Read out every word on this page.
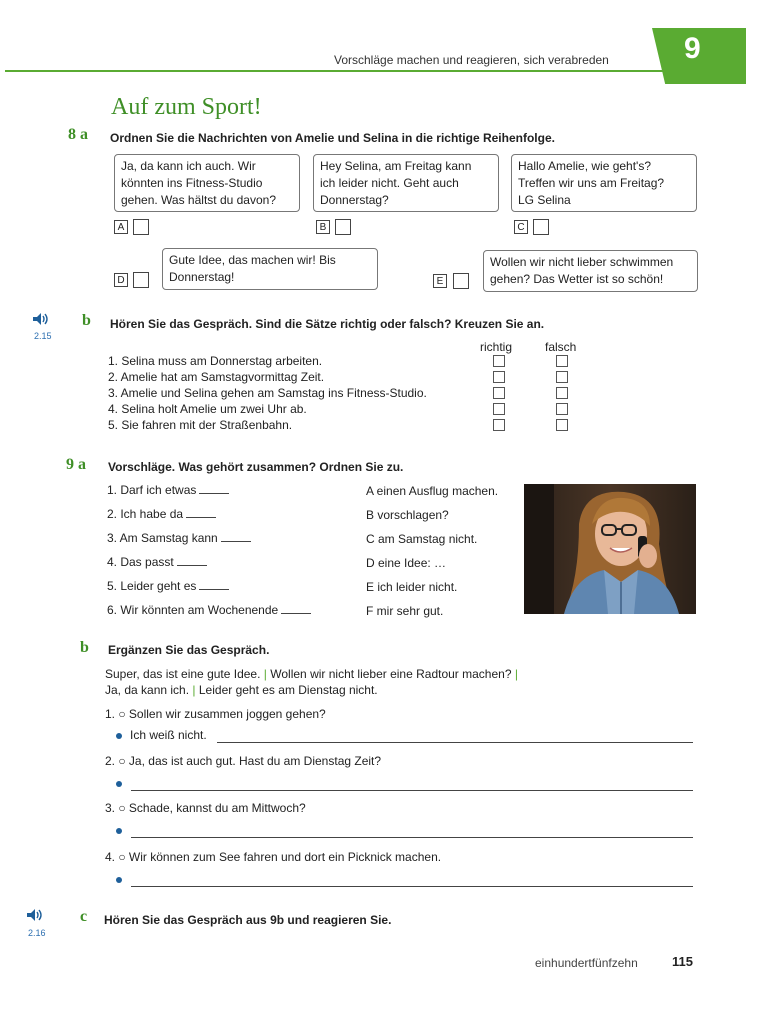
Vorschläge machen und reagieren, sich verabreden	9
Auf zum Sport!
8 a Ordnen Sie die Nachrichten von Amelie und Selina in die richtige Reihenfolge.
Ja, da kann ich auch. Wir
könnten ins Fitness-Studio
gehen. Was hältst du davon?
Hey Selina, am Freitag kann
ich leider nicht. Geht auch
Donnerstag?
Hallo Amelie, wie geht's?
Treffen wir uns am Freitag?
LG Selina
A	B	C
Gute Idee, das machen wir! Bis
Donnerstag!
D
Wollen wir nicht lieber schwimmen
gehen? Das Wetter ist so schön!
E
2.15
b Hören Sie das Gespräch. Sind die Sätze richtig oder falsch? Kreuzen Sie an.
richtig	falsch
1. Selina muss am Donnerstag arbeiten.
2. Amelie hat am Samstagvormittag Zeit.
3. Amelie und Selina gehen am Samstag ins Fitness-Studio.
4. Selina holt Amelie um zwei Uhr ab.
5. Sie fahren mit der Straßenbahn.
9 a Vorschläge. Was gehört zusammen? Ordnen Sie zu.
1. Darf ich etwas
2. Ich habe da
3. Am Samstag kann
4. Das passt
5. Leider geht es
6. Wir könnten am Wochenende
A einen Ausflug machen.
B vorschlagen?
C am Samstag nicht.
D eine Idee: …
E ich leider nicht.
F mir sehr gut.
b Ergänzen Sie das Gespräch.
Super, das ist eine gute Idee. | Wollen wir nicht lieber eine Radtour machen? |
Ja, da kann ich. | Leider geht es am Dienstag nicht.
1. ○ Sollen wir zusammen joggen gehen?
Ich weiß nicht.
2. ○ Ja, das ist auch gut. Hast du am Dienstag Zeit?
3. ○ Schade, kannst du am Mittwoch?
4. ○ Wir können zum See fahren und dort ein Picknick machen.
2.16
c Hören Sie das Gespräch aus 9b und reagieren Sie.
einhundertfünfzehn	115
